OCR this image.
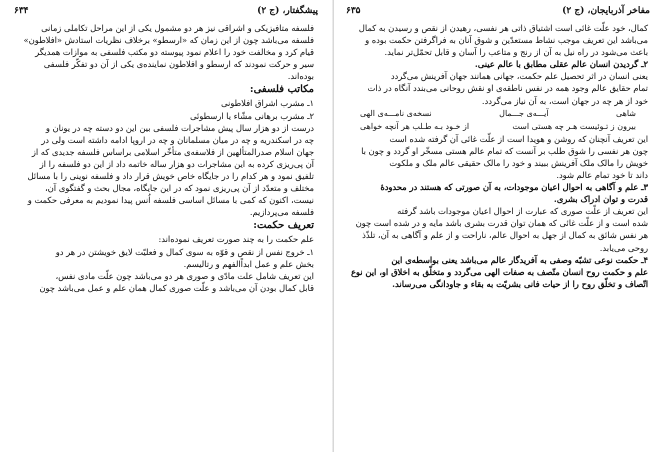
۶۳۵	مفاخر آذربایجان، (ج ۲)

کمال، خود علّت غائی است اشتیاق ذاتی هر نفسی، رهیدن از نقص و رسیدن به کمال

می‌باشد این تعریف موجب نشاط مستعدّین و شوق آنان به فراگرفتن حکمت بوده و

باعث می‌شود در راه نیل به آن از رنج و متاعب را آسان و قابل تحمّل‌تر نماید.

۲ـ گردیدن انسان عالم عقلی مطابق با عالم عینی.

یعنی انسان در اثر تحصیل علم حکمت، جهانی همانند جهان آفرینش می‌گردد

تمام حقایق عالم وجود همه در نفس ناطقه‌ی او نقش روحانی می‌بندد آنگاه در ذات

خود از هر چه در جهان است، به آن نیاز می‌گردد.

شاهی
آیـــه‌ی جـــمال
نسخه‌ی نامـــه‌ی الهی
بیرون ز تـوئیست هـر چه هستی است
از خـود بـه طـلب هر آنچه خواهی

این تعریف آنچنان که روشن و هویدا است از علّت غائی آن گرفته شده است

چون هر نفسی را شوق طلب بر آنست که تمام عالم هستی مسخّر او گردد و چون با

خویش را مالک ملک آفرینش ببیند و خود را مالک حقیقی عالم ملک و ملکوت

داند تا خود تمام عالم شود.

۳ـ علم و آگاهی به احوال اعیان موجودات، به آن صورتی که هستند در محدودهٔ

قدرت و توان ادراک بشری.

این تعریف از علّت صوری که عبارت از احوال اعیان موجودات باشد گرفته

شده است و از علّت غائی که همان توان قدرت بشری باشد مایه و در شده است چون

هر نفس شائق به کمال از جهل به احوال عالم، ناراحت و از علم و آگاهی به آن، تلذّذ

روحی می‌یابد.

۴ـ حکمت نوعی تشبّه وصفی به آفریدگار عالم می‌باشد یعنی بواسطه‌ی این

علم و حکمت روح انسان متّصف به صفات الهی می‌گردد و متخلّق به اخلاق او، این نوع

اتّصاف و تخلّق روح را از حیات فانی بشریّت به بقاء و جاودانگی می‌رساند.

۶۳۴	پیشگفتار، (ج ۲)

فلسفه متافیزیکی و اشراقی نیز هر دو مشمول یکی از این مراحل تکاملی زمانی

فلسفه می‌باشد چون از این زمان که «ارسطو» برخلاف نظریات استادش «افلاطون»

قیام کرد و مخالفت خود را اعلام نمود پیوسته دو مکتب فلسفی به موازات همدیگر

سیر و حرکت نمودند که ارسطو و افلاطون نماینده‌ی یکی از آن دو تفکّر فلسفی

بوده‌اند.

مکاتب فلسفی:

۱ـ مشرب اشراق افلاطونی

۲ـ مشرب برهانی مشّاء یا ارسطوئی

درست از دو هزار سال پیش مشاجرات فلسفی بین این دو دسته چه در یونان و

چه در اسکندریه و چه در میان مسلمانان و چه در اروپا ادامه داشته است ولی در

جهان اسلام صدرالمتألهین از فلاسفه‌ی متأخّر اسلامی براساس فلسفه جدیدی که از

آن پی‌ریزی کرده به این مشاجرات دو هزار ساله خاتمه داد از این دو فلسفه را از

تلفیق نمود و هر کدام را در جایگاه خاص خویش قرار داد و فلسفه نوینی را با مسائل

مختلف و متعدّد از آن پی‌ریزی نمود که در این جایگاه، مجال بحث و گفتگوی آن،

نیست، اکنون که کمی با مسائل اساسی فلسفه اُنس پیدا نمودیم به معرفی حکمت و

فلسفه می‌پردازیم.

تعریف حکمت:

علم حکمت را به چند صورت تعریف نموده‌اند:

۱ـ خروج نفس از نقص و قوّه به سوی کمال و فعلیّت لایق خویشتن در هر دو

بخش علم و عمل ابداًالفهم و رتالیسم.

این تعریف شامل علت مادّی و صوری هر دو می‌باشد چون علّت مادی نفس،

قابل کمال بودن آن می‌باشد و علّت صوری کمال همان علم و عمل می‌باشد چون
